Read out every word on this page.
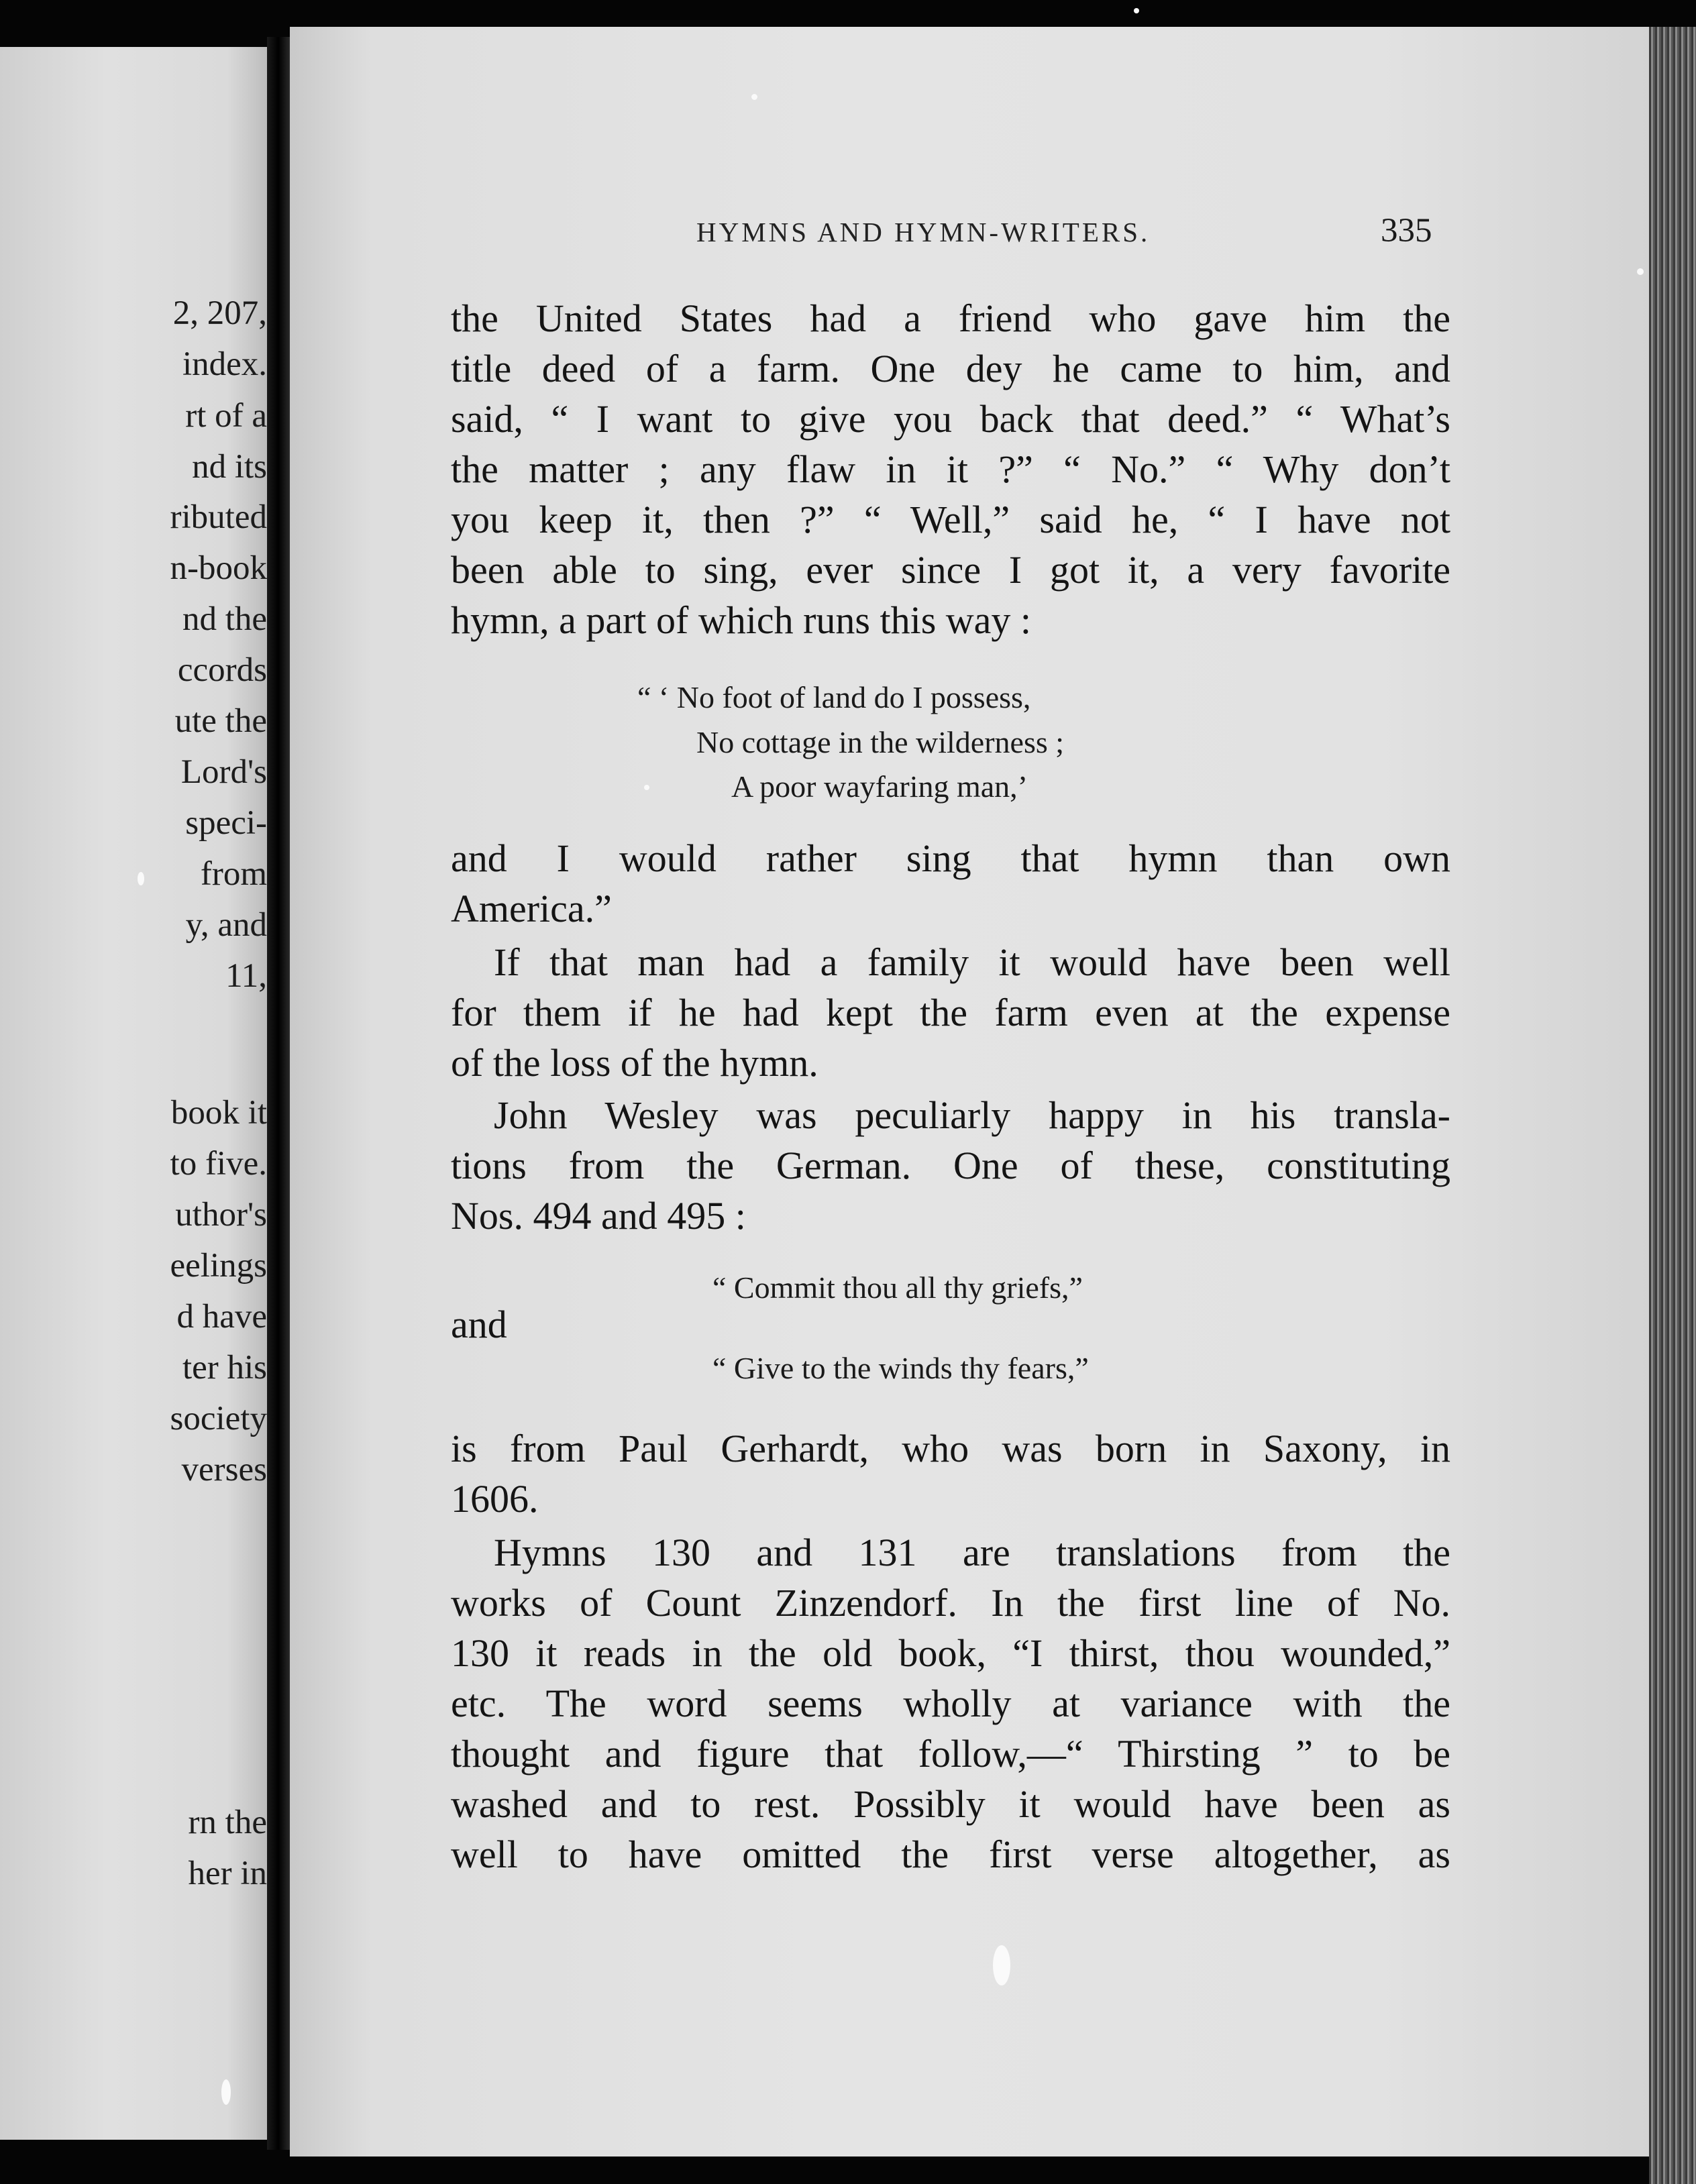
2, 207,
index.
rt of a
nd its
ributed
n-book
nd the
ccords
ute the
Lord's
speci-
from
y, and
11,
book it
to five.
uthor's
eelings
d have
ter his
society
verses
rn the
her in
HYMNS AND HYMN-WRITERS.	335
the United States had a friend who gave him the
title deed of a farm. One dey he came to him, and
said, “ I want to give you back that deed.” “ What’s
the matter ; any flaw in it ?” “ No.” “ Why don’t
you keep it, then ?” “ Well,” said he, “ I have not
been able to sing, ever since I got it, a very favorite
hymn, a part of which runs this way :
“ ‘ No foot of land do I possess,
No cottage in the wilderness ;
A poor wayfaring man,’
and I would rather sing that hymn than own
America.”
If that man had a family it would have been well
for them if he had kept the farm even at the expense
of the loss of the hymn.
John Wesley was peculiarly happy in his transla-
tions from the German. One of these, constituting
Nos. 494 and 495 :
“ Commit thou all thy griefs,”
and
“ Give to the winds thy fears,”
is from Paul Gerhardt, who was born in Saxony, in
1606.
Hymns 130 and 131 are translations from the
works of Count Zinzendorf. In the first line of No.
130 it reads in the old book, “I thirst, thou wounded,”
etc. The word seems wholly at variance with the
thought and figure that follow,—“ Thirsting ” to be
washed and to rest. Possibly it would have been as
well to have omitted the first verse altogether, as
